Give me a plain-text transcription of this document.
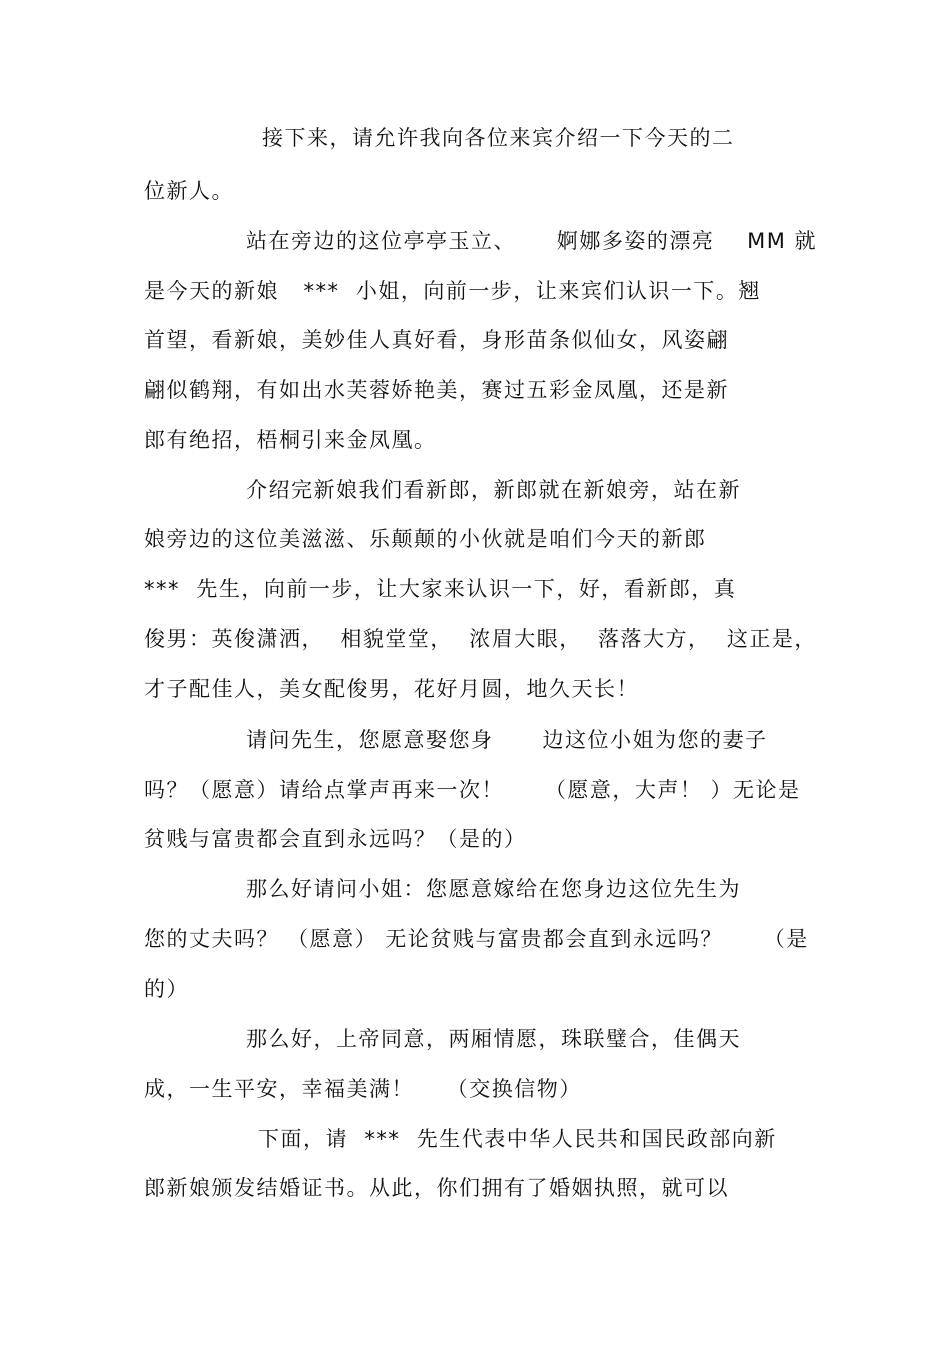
接下来，请允许我向各位来宾介绍一下今天的二
位新人。
站在旁边的这位亭亭玉立、     婀娜多姿的漂亮    MM 就
是今天的新娘   ***  小姐，向前一步，让来宾们认识一下。翘
首望，看新娘，美妙佳人真好看，身形苗条似仙女，风姿翩
翩似鹤翔，有如出水芙蓉娇艳美，赛过五彩金凤凰，还是新
郎有绝招，梧桐引来金凤凰。
介绍完新娘我们看新郎，新郎就在新娘旁，站在新
娘旁边的这位美滋滋、乐颠颠的小伙就是咱们今天的新郎
***  先生，向前一步，让大家来认识一下，好，看新郎，真
俊男：英俊潇洒，  相貌堂堂，  浓眉大眼，  落落大方，  这正是，
才子配佳人，美女配俊男，花好月圆，地久天长！
请问先生，您愿意娶您身      边这位小姐为您的妻子
吗？（愿意）请给点掌声再来一次！     （愿意，大声！ ）无论是
贫贱与富贵都会直到永远吗？（是的）
那么好请问小姐：您愿意嫁给在您身边这位先生为
您的丈夫吗？ （愿意） 无论贫贱与富贵都会直到永远吗？     （是
的）
那么好，上帝同意，两厢情愿，珠联璧合，佳偶天
成，一生平安，幸福美满！    （交换信物）
下面，请  ***  先生代表中华人民共和国民政部向新
郎新娘颁发结婚证书。从此，你们拥有了婚姻执照，就可以
